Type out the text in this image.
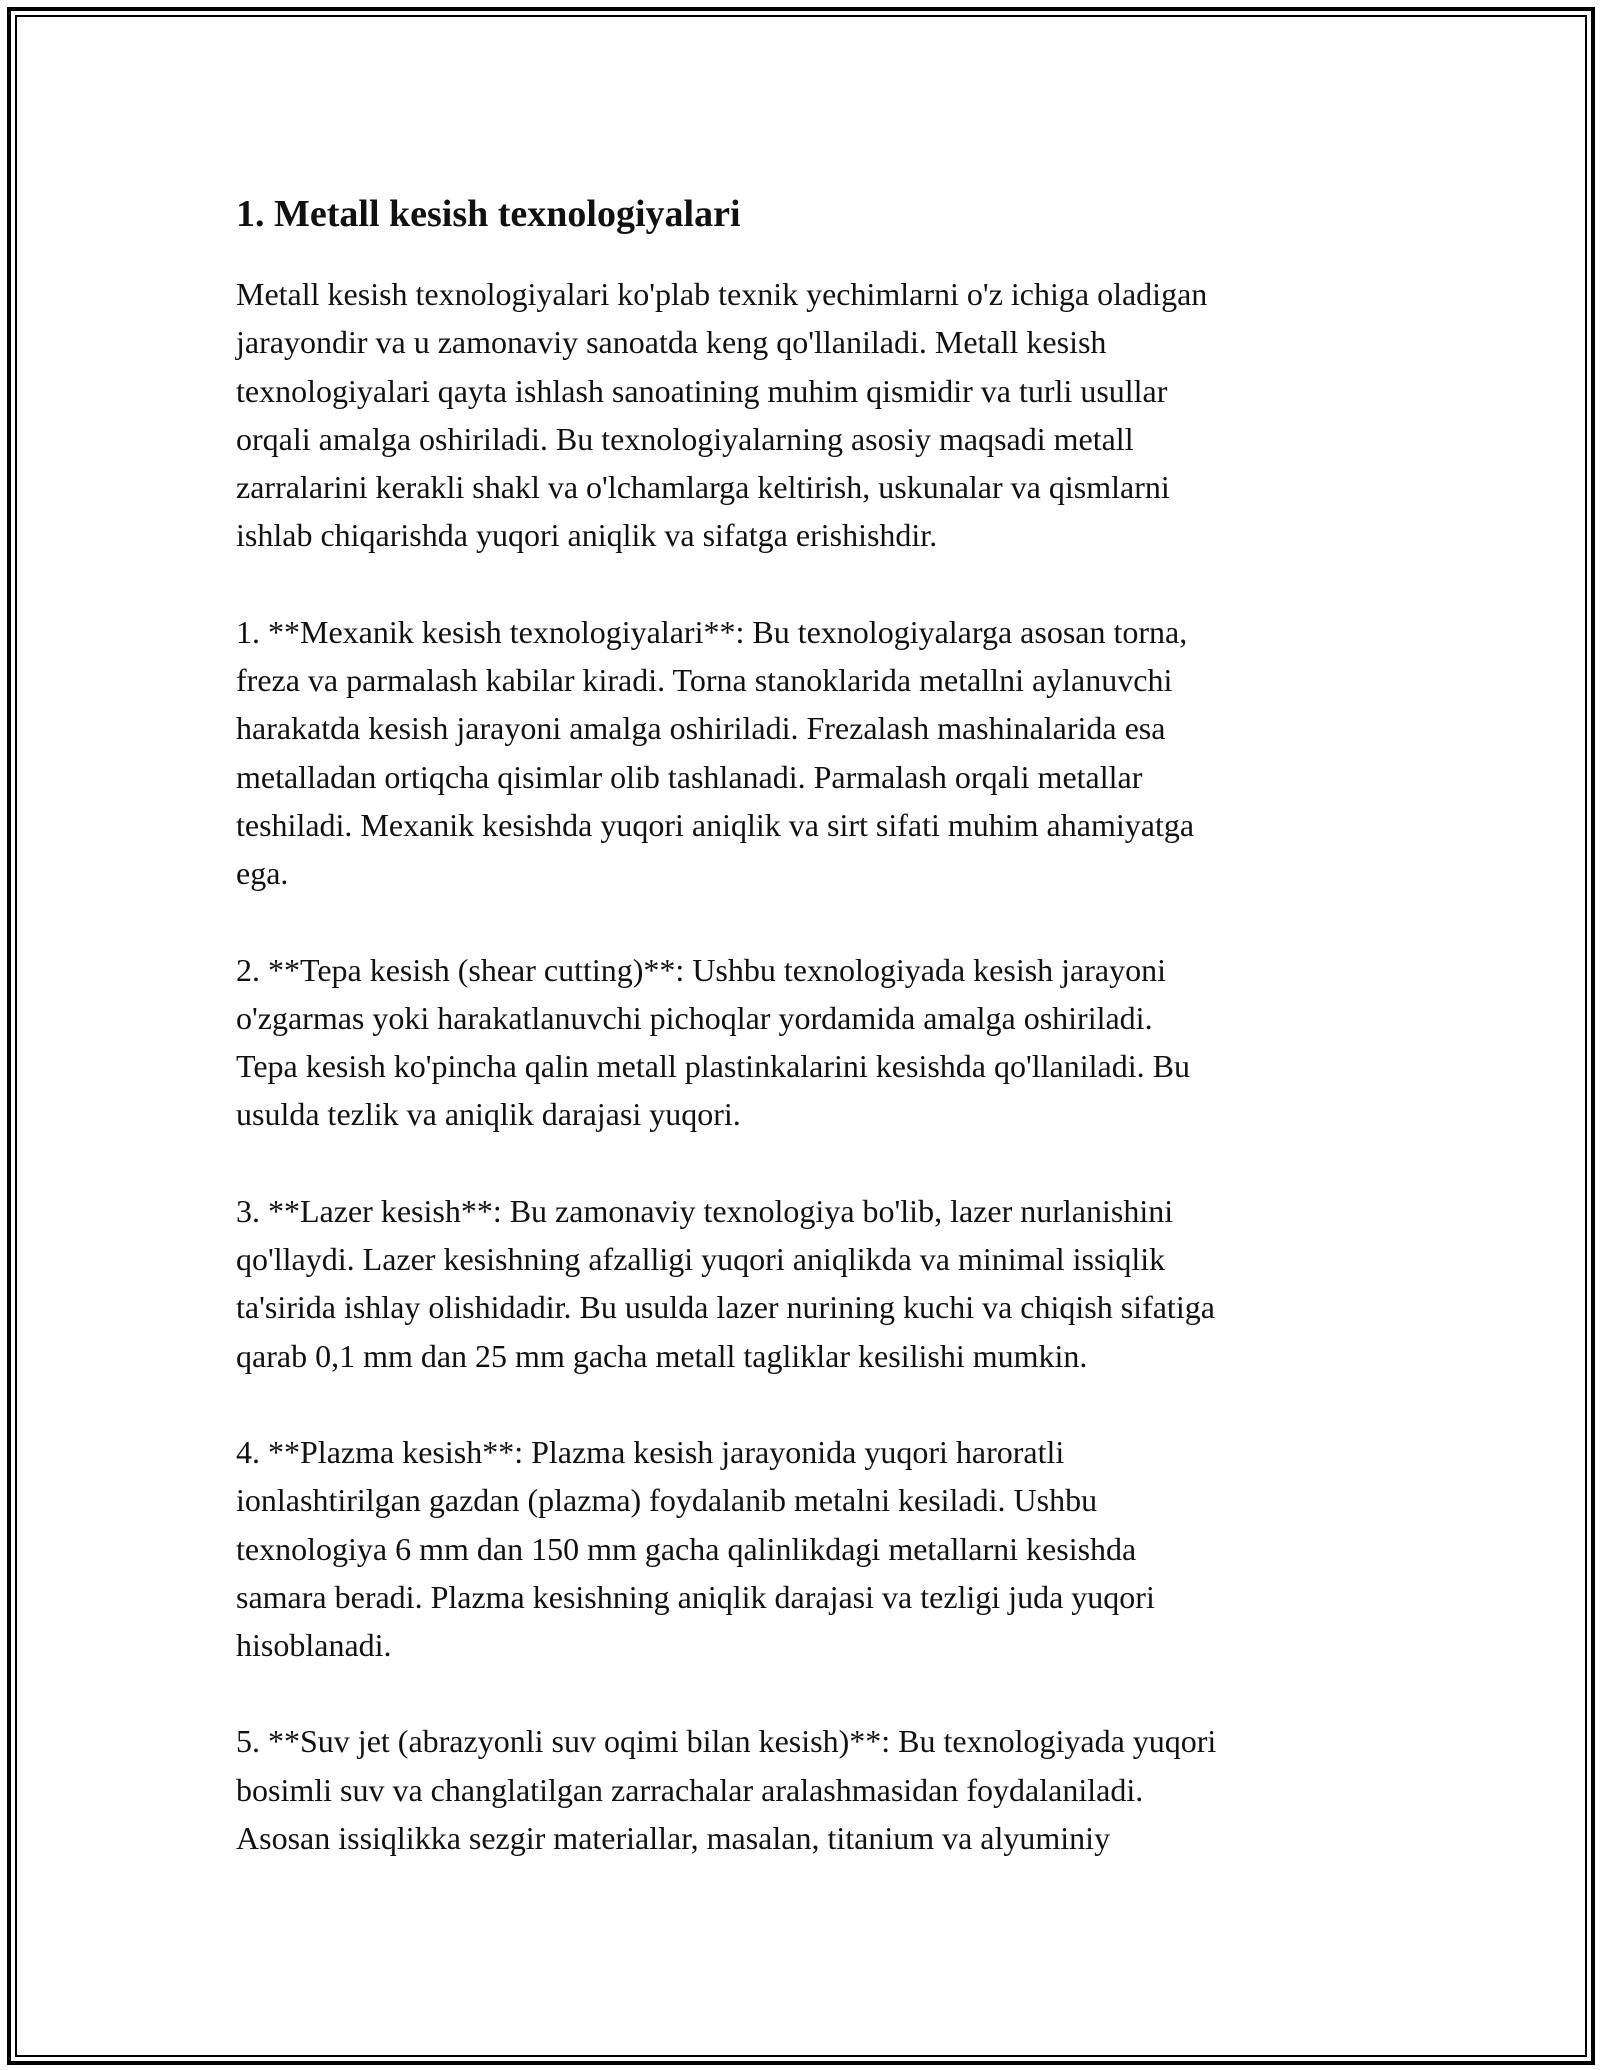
1. Metall kesish texnologiyalari

Metall kesish texnologiyalari ko'plab texnik yechimlarni o'z ichiga oladigan
jarayondir va u zamonaviy sanoatda keng qo'llaniladi. Metall kesish
texnologiyalari qayta ishlash sanoatining muhim qismidir va turli usullar
orqali amalga oshiriladi. Bu texnologiyalarning asosiy maqsadi metall
zarralarini kerakli shakl va o'lchamlarga keltirish, uskunalar va qismlarni
ishlab chiqarishda yuqori aniqlik va sifatga erishishdir.

1. **Mexanik kesish texnologiyalari**: Bu texnologiyalarga asosan torna,
freza va parmalash kabilar kiradi. Torna stanoklarida metallni aylanuvchi
harakatda kesish jarayoni amalga oshiriladi. Frezalash mashinalarida esa
metalladan ortiqcha qisimlar olib tashlanadi. Parmalash orqali metallar
teshiladi. Mexanik kesishda yuqori aniqlik va sirt sifati muhim ahamiyatga
ega.

2. **Tepa kesish (shear cutting)**: Ushbu texnologiyada kesish jarayoni
o'zgarmas yoki harakatlanuvchi pichoqlar yordamida amalga oshiriladi.
Tepa kesish ko'pincha qalin metall plastinkalarini kesishda qo'llaniladi. Bu
usulda tezlik va aniqlik darajasi yuqori.

3. **Lazer kesish**: Bu zamonaviy texnologiya bo'lib, lazer nurlanishini
qo'llaydi. Lazer kesishning afzalligi yuqori aniqlikda va minimal issiqlik
ta'sirida ishlay olishidadir. Bu usulda lazer nurining kuchi va chiqish sifatiga
qarab 0,1 mm dan 25 mm gacha metall tagliklar kesilishi mumkin.

4. **Plazma kesish**: Plazma kesish jarayonida yuqori haroratli
ionlashtirilgan gazdan (plazma) foydalanib metalni kesiladi. Ushbu
texnologiya 6 mm dan 150 mm gacha qalinlikdagi metallarni kesishda
samara beradi. Plazma kesishning aniqlik darajasi va tezligi juda yuqori
hisoblanadi.

5. **Suv jet (abrazyonli suv oqimi bilan kesish)**: Bu texnologiyada yuqori
bosimli suv va changlatilgan zarrachalar aralashmasidan foydalaniladi.
Asosan issiqlikka sezgir materiallar, masalan, titanium va alyuminiy
